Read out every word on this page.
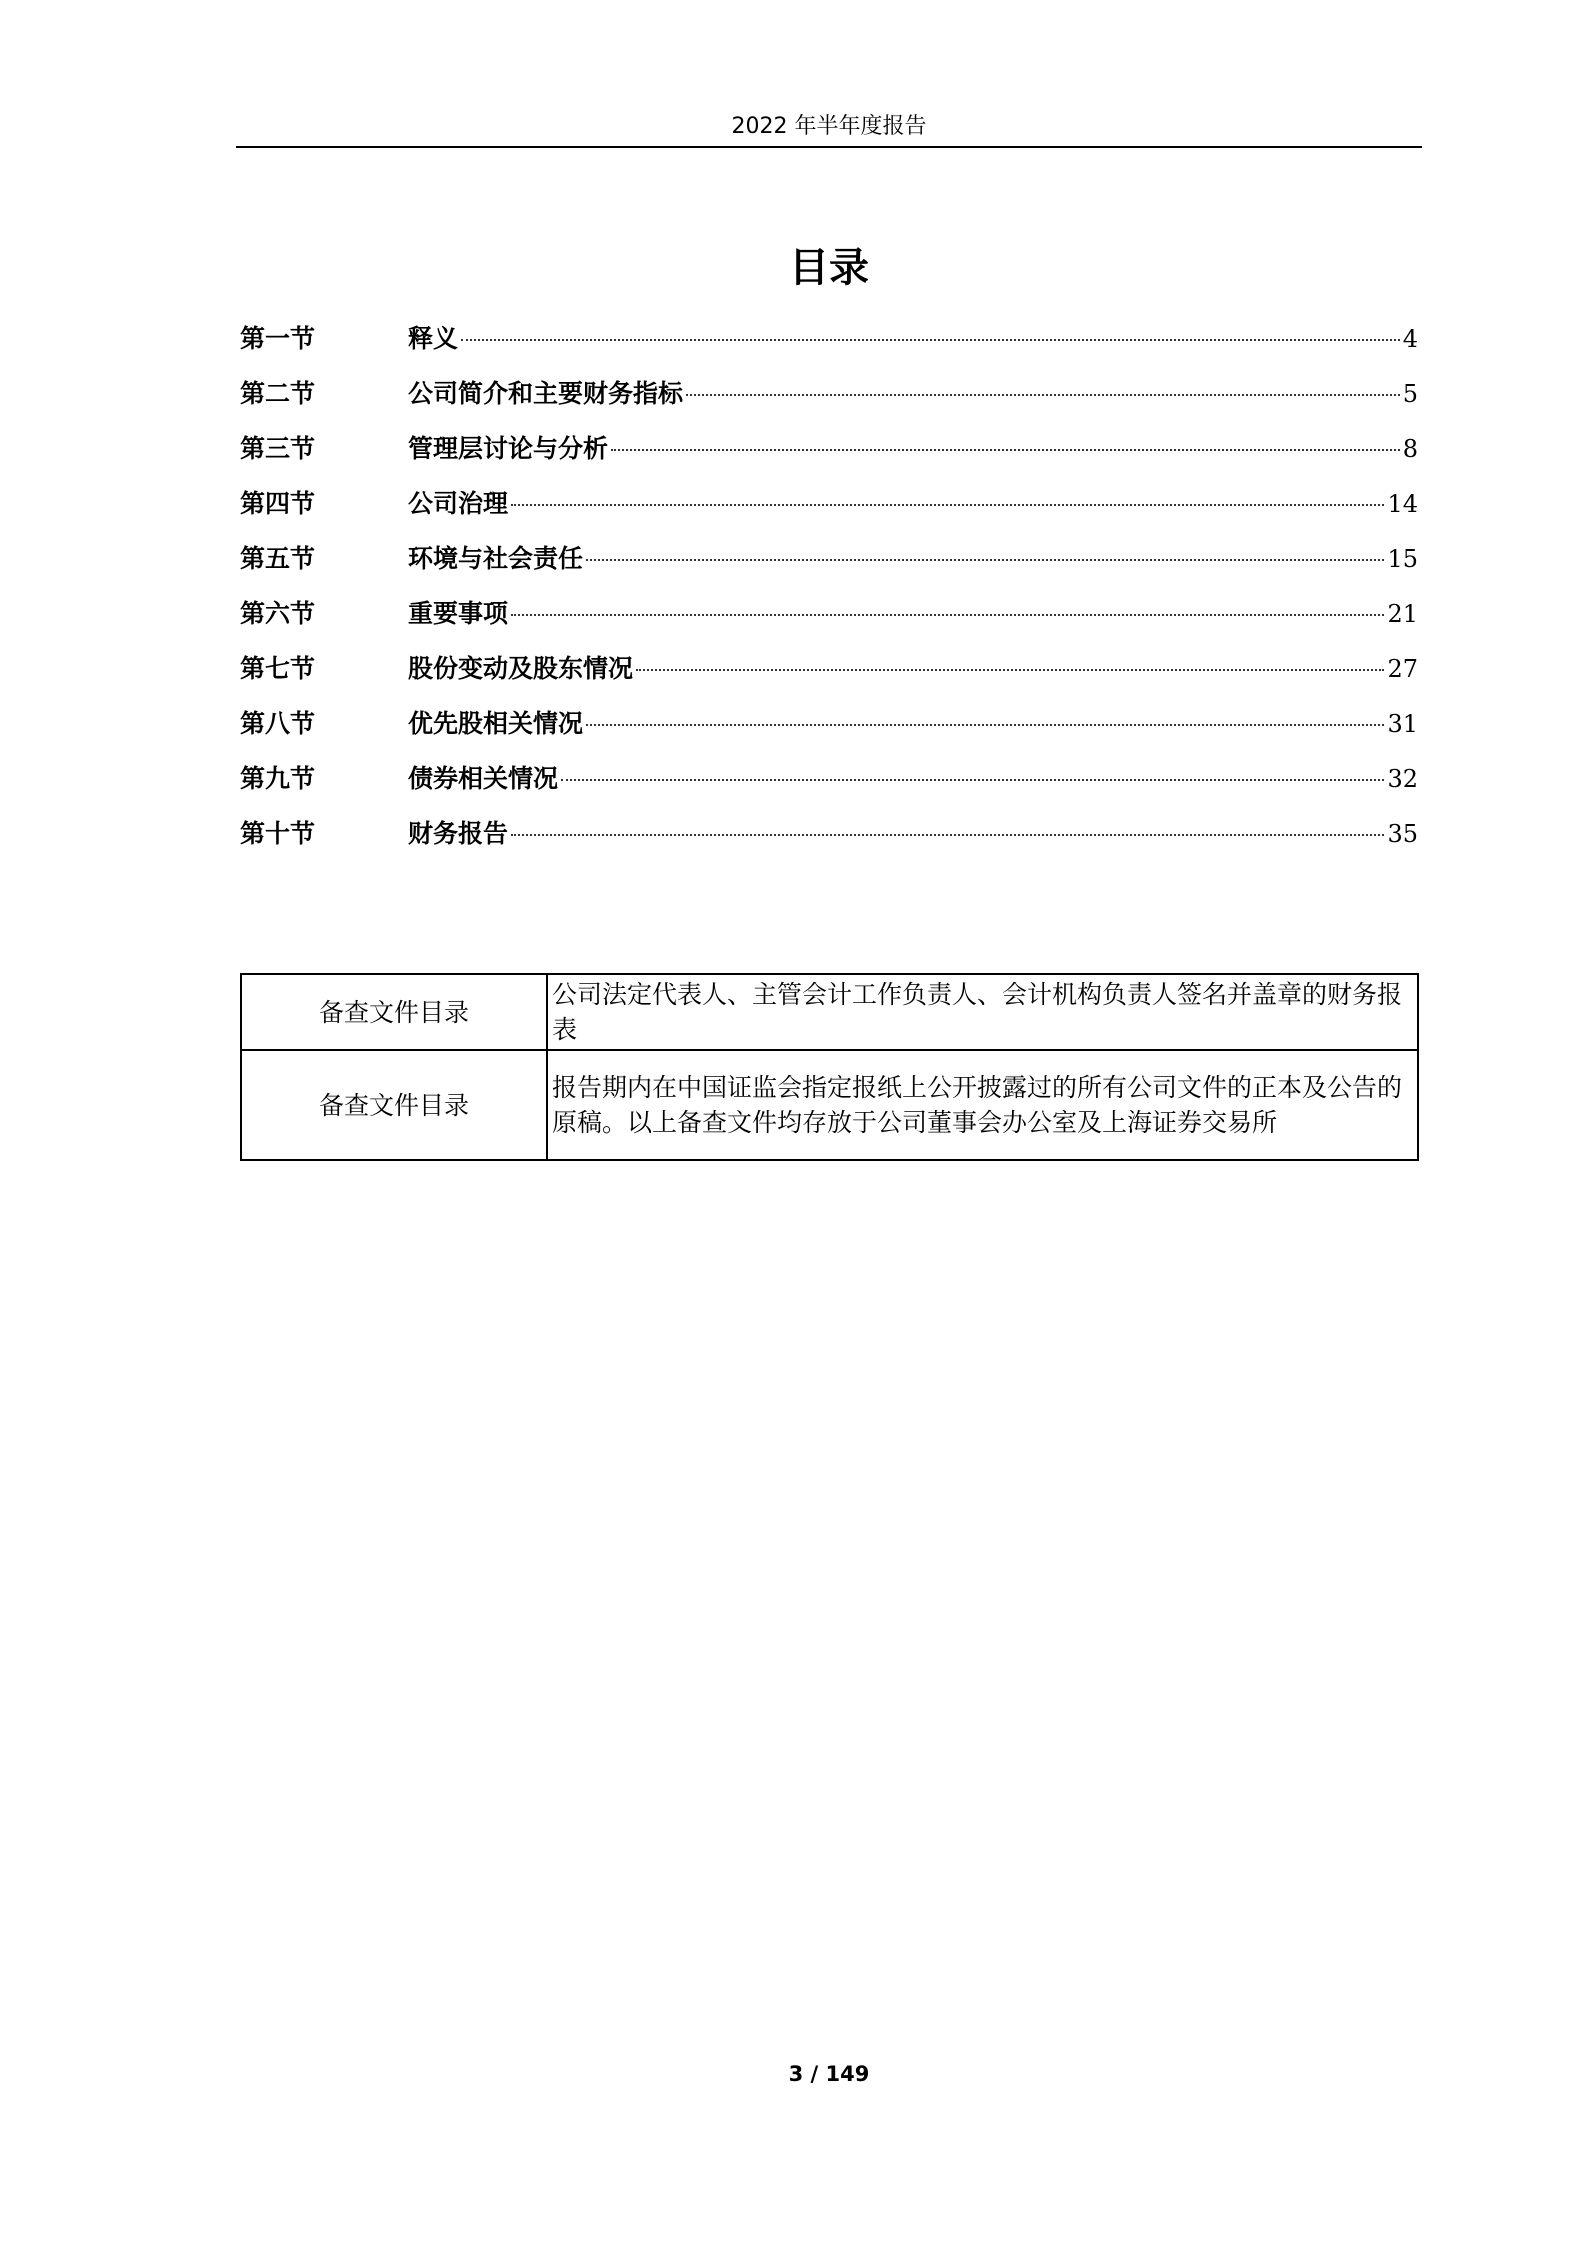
2022 年半年度报告
目录
第一节	释义	4
第二节	公司简介和主要财务指标	5
第三节	管理层讨论与分析	8
第四节	公司治理	14
第五节	环境与社会责任	15
第六节	重要事项	21
第七节	股份变动及股东情况	27
第八节	优先股相关情况	31
第九节	债券相关情况	32
第十节	财务报告	35
备查文件目录	公司法定代表人、主管会计工作负责人、会计机构负责人签名并盖章的财务报表
备查文件目录	报告期内在中国证监会指定报纸上公开披露过的所有公司文件的正本及公告的原稿。以上备查文件均存放于公司董事会办公室及上海证券交易所
3 / 149
